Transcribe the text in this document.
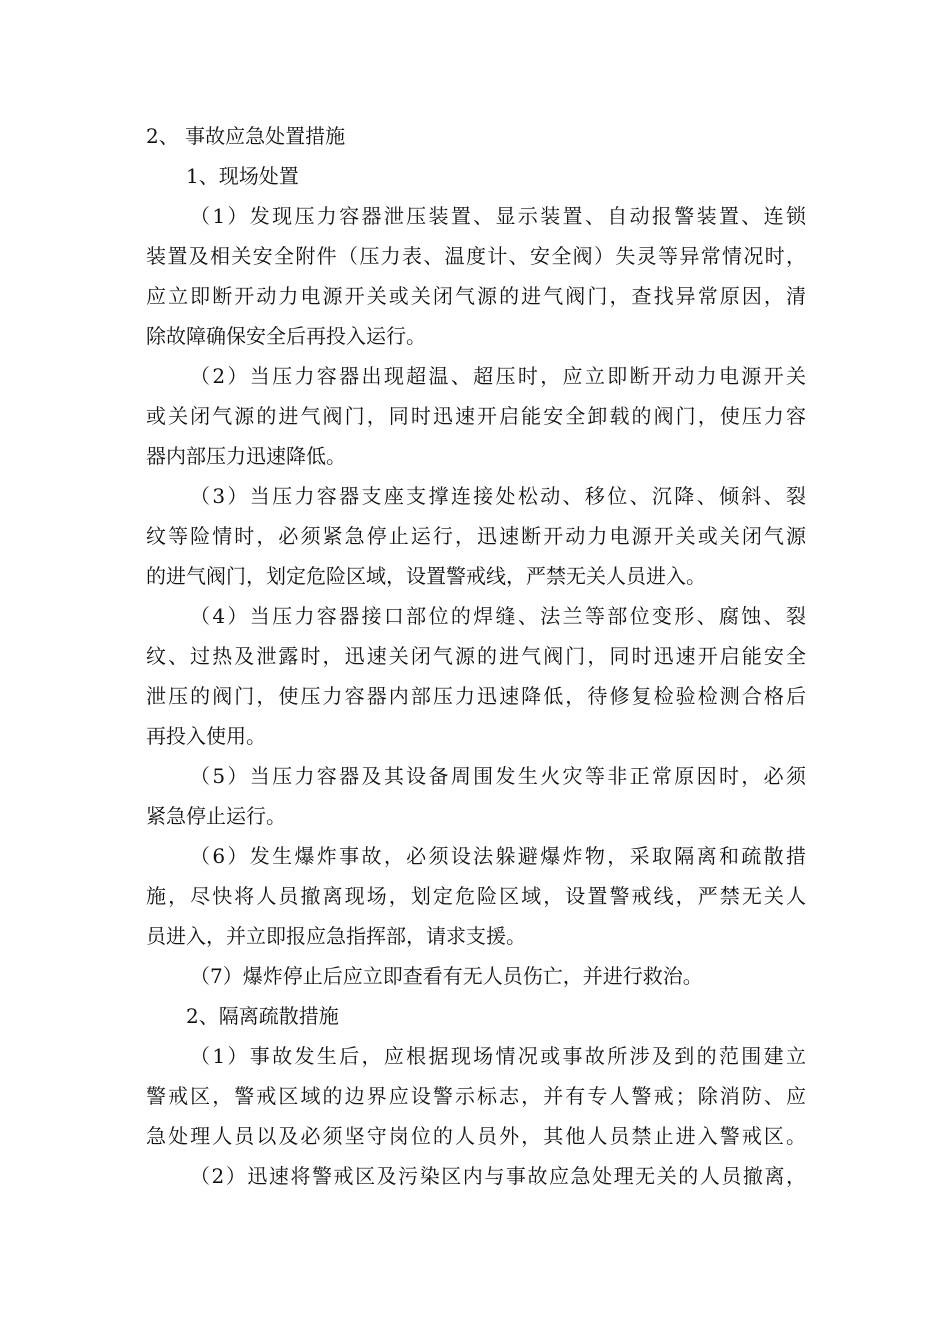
2、 事故应急处置措施
1、现场处置
（1）发现压力容器泄压装置、显示装置、自动报警装置、连锁
装置及相关安全附件（压力表、温度计、安全阀）失灵等异常情况时，
应立即断开动力电源开关或关闭气源的进气阀门，查找异常原因，清
除故障确保安全后再投入运行。
（2）当压力容器出现超温、超压时，应立即断开动力电源开关
或关闭气源的进气阀门，同时迅速开启能安全卸载的阀门，使压力容
器内部压力迅速降低。
（3）当压力容器支座支撑连接处松动、移位、沉降、倾斜、裂
纹等险情时，必须紧急停止运行，迅速断开动力电源开关或关闭气源
的进气阀门，划定危险区域，设置警戒线，严禁无关人员进入。
（4）当压力容器接口部位的焊缝、法兰等部位变形、腐蚀、裂
纹、过热及泄露时，迅速关闭气源的进气阀门，同时迅速开启能安全
泄压的阀门，使压力容器内部压力迅速降低，待修复检验检测合格后
再投入使用。
（5）当压力容器及其设备周围发生火灾等非正常原因时，必须
紧急停止运行。
（6）发生爆炸事故，必须设法躲避爆炸物，采取隔离和疏散措
施，尽快将人员撤离现场，划定危险区域，设置警戒线，严禁无关人
员进入，并立即报应急指挥部，请求支援。
（7）爆炸停止后应立即查看有无人员伤亡，并进行救治。
2、隔离疏散措施
（1）事故发生后，应根据现场情况或事故所涉及到的范围建立
警戒区，警戒区域的边界应设警示标志，并有专人警戒；除消防、应
急处理人员以及必须坚守岗位的人员外，其他人员禁止进入警戒区。
（2）迅速将警戒区及污染区内与事故应急处理无关的人员撤离，
